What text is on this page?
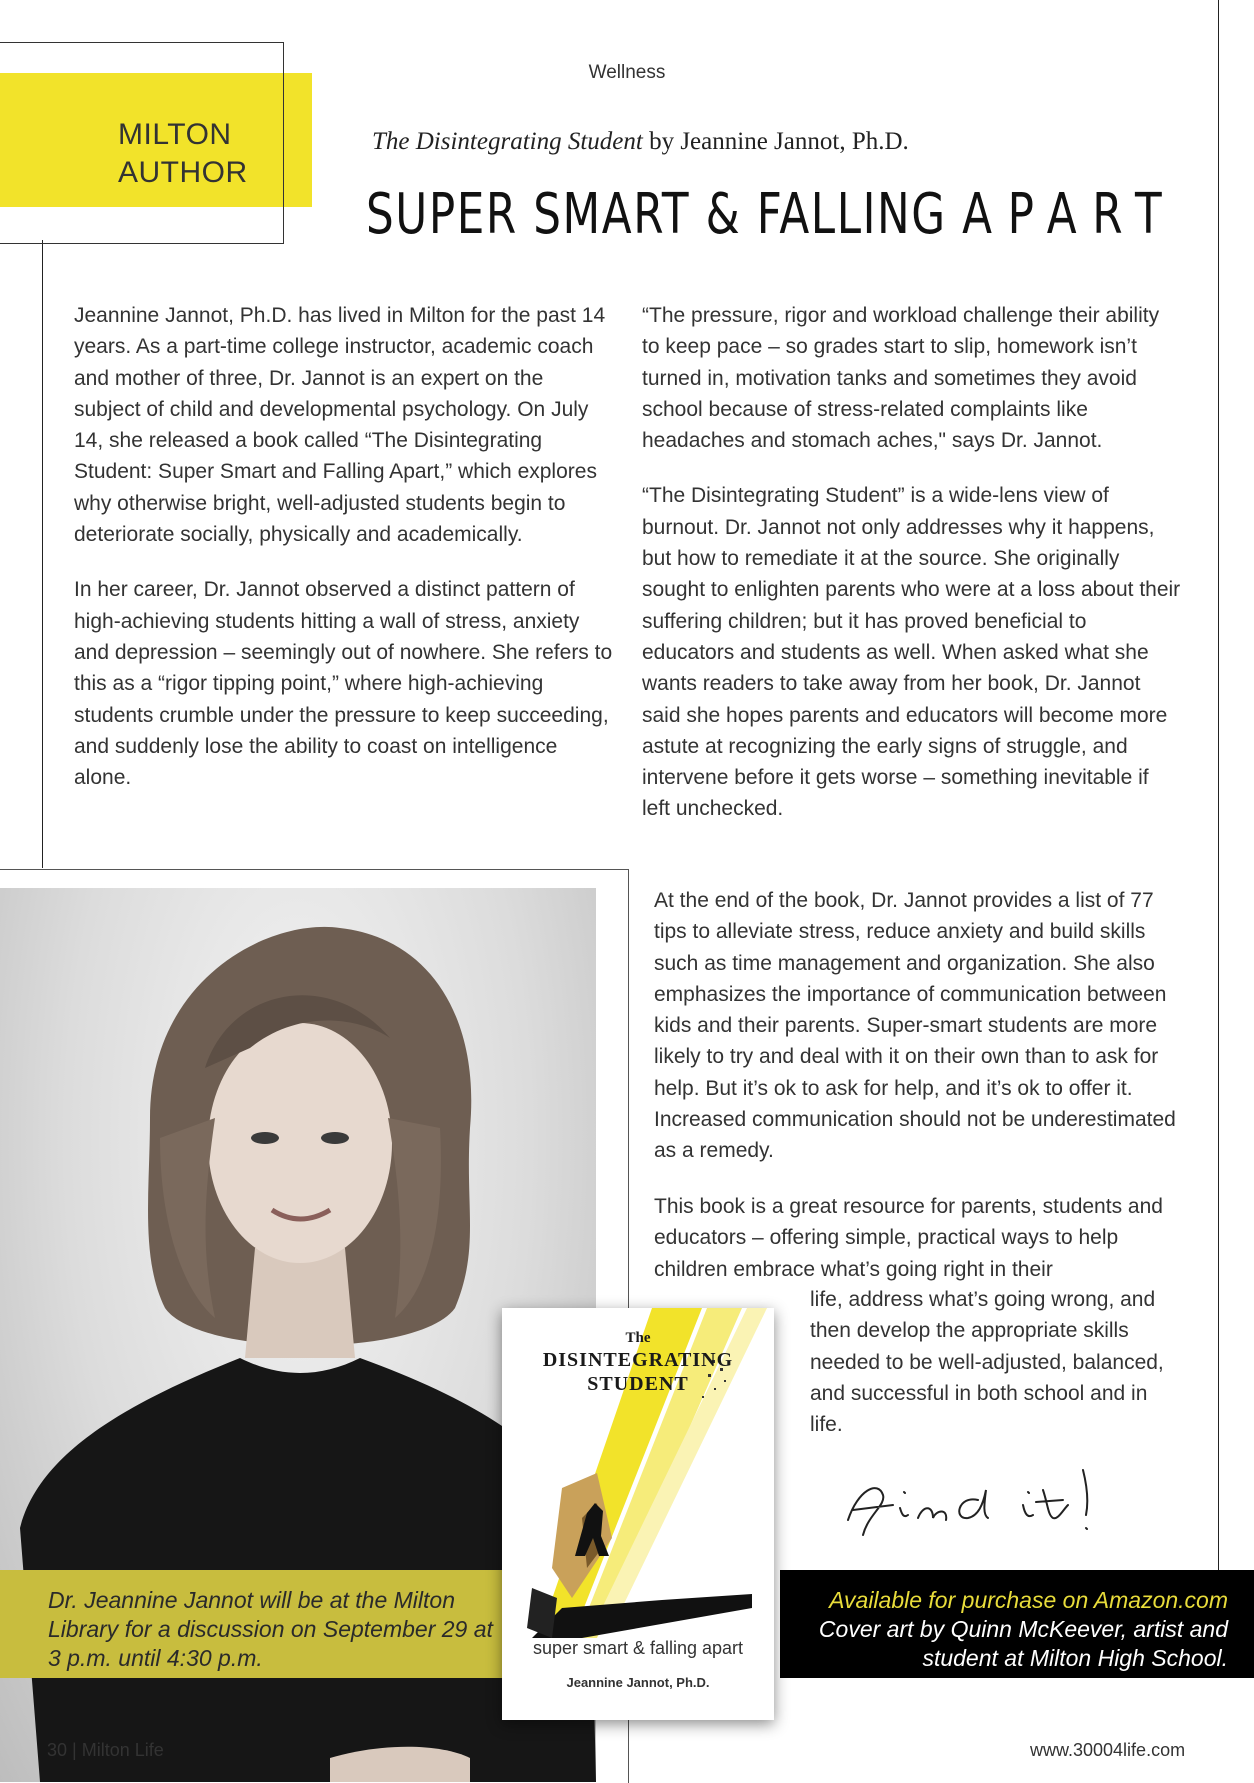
Wellness
MILTON
AUTHOR
The Disintegrating Student by Jeannine Jannot, Ph.D.
SUPER SMART & FALLING APART

Jeannine Jannot, Ph.D. has lived in Milton for the past 14 years. As a part-time college instructor, academic coach and mother of three, Dr. Jannot is an expert on the subject of child and developmental psychology. On July 14, she released a book called “The Disintegrating Student: Super Smart and Falling Apart,” which explores why otherwise bright, well-adjusted students begin to deteriorate socially, physically and academically.

In her career, Dr. Jannot observed a distinct pattern of high-achieving students hitting a wall of stress, anxiety and depression – seemingly out of nowhere. She refers to this as a “rigor tipping point,” where high-achieving students crumble under the pressure to keep succeeding, and suddenly lose the ability to coast on intelligence alone.

“The pressure, rigor and workload challenge their ability to keep pace – so grades start to slip, homework isn’t turned in, motivation tanks and sometimes they avoid school because of stress-related complaints like headaches and stomach aches," says Dr. Jannot.

“The Disintegrating Student” is a wide-lens view of burnout. Dr. Jannot not only addresses why it happens, but how to remediate it at the source. She originally sought to enlighten parents who were at a loss about their suffering children; but it has proved beneficial to educators and students as well. When asked what she wants readers to take away from her book, Dr. Jannot said she hopes parents and educators will become more astute at recognizing the early signs of struggle, and intervene before it gets worse – something inevitable if left unchecked.

At the end of the book, Dr. Jannot provides a list of 77 tips to alleviate stress, reduce anxiety and build skills such as time management and organization. She also emphasizes the importance of communication between kids and their parents. Super-smart students are more likely to try and deal with it on their own than to ask for help. But it’s ok to ask for help, and it’s ok to offer it. Increased communication should not be underestimated as a remedy.

This book is a great resource for parents, students and educators – offering simple, practical ways to help children embrace what’s going right in their
life, address what’s going wrong, and then develop the appropriate skills needed to be well-adjusted, balanced, and successful in both school and in life.
Dr. Jeannine Jannot will be at the Milton Library for a discussion on September 29 at 3 p.m. until 4:30 p.m.
Available for purchase on Amazon.com
Cover art by Quinn McKeever, artist and student at Milton High School.
The
DISINTEGRATING
STUDENT
super smart & falling apart
Jeannine Jannot, Ph.D.
30 | Milton Life	www.30004life.com
